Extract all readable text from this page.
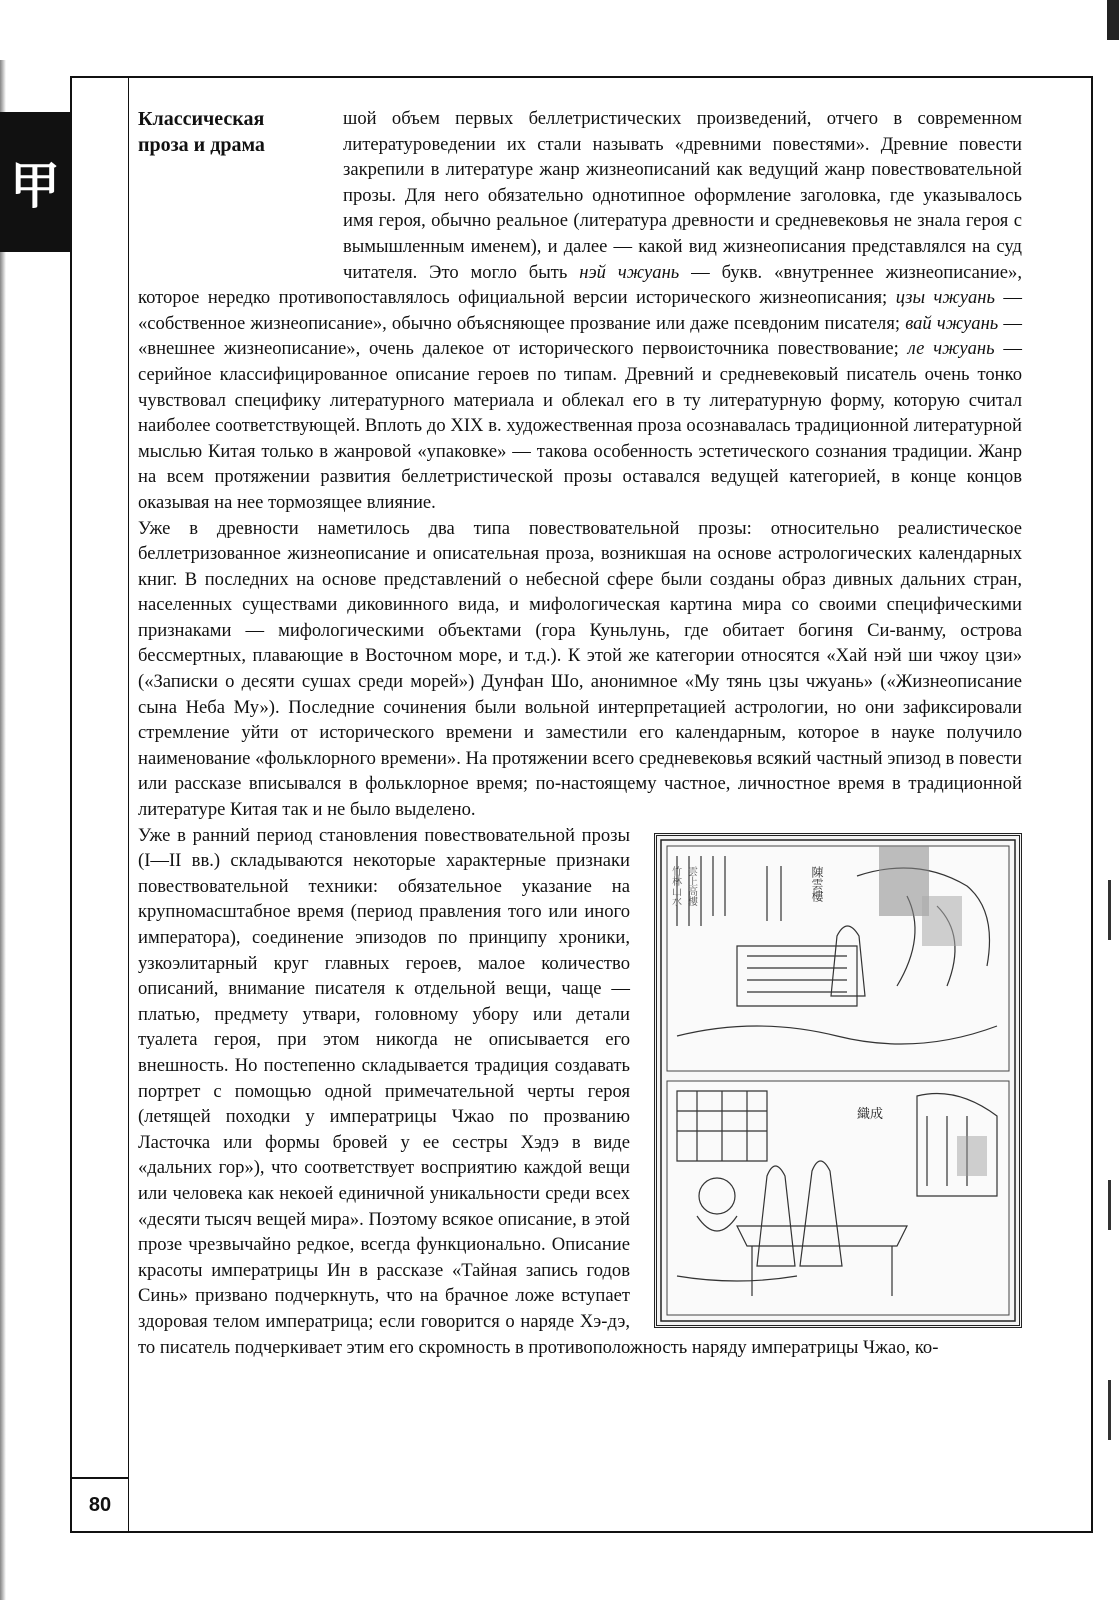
甲
80
Классическая
проза и драма

шой объем первых беллетристических произведений, отчего в современном литературоведении их стали называть «древними повестями». Древние повести закрепили в литературе жанр жизнеописаний как ведущий жанр повествовательной прозы. Для него обязательно однотипное оформление заголовка, где указывалось имя героя, обычно реальное (литература древности и средневековья не знала героя с вымышленным именем), и далее — какой вид жизнеописания представлялся на суд читателя. Это могло быть нэй чжуань — букв. «внутреннее жизнеописание», которое нередко противопоставлялось официальной версии исторического жизнеописания; цзы чжуань — «собственное жизнеописание», обычно объясняющее прозвание или даже псевдоним писателя; вай чжуань — «внешнее жизнеописание», очень далекое от исторического первоисточника повествование; ле чжуань — серийное классифицированное описание героев по типам. Древний и средневековый писатель очень тонко чувствовал специфику литературного материала и облекал его в ту литературную форму, которую считал наиболее соответствующей. Вплоть до XIX в. художественная проза осознавалась традиционной литературной мыслью Китая только в жанровой «упаковке» — такова особенность эстетического сознания традиции. Жанр на всем протяжении развития беллетристической прозы оставался ведущей категорией, в конце концов оказывая на нее тормозящее влияние.

Уже в древности наметилось два типа повествовательной прозы: относительно реалистическое беллетризованное жизнеописание и описательная проза, возникшая на основе астрологических календарных книг. В последних на основе представлений о небесной сфере были созданы образ дивных дальних стран, населенных существами диковинного вида, и мифологическая картина мира со своими специфическими признаками — мифологическими объектами (гора Куньлунь, где обитает богиня Си-ванму, острова бессмертных, плавающие в Восточном море, и т.д.). К этой же категории относятся «Хай нэй ши чжоу цзи» («Записки о десяти сушах среди морей») Дунфан Шо, анонимное «Му тянь цзы чжуань» («Жизнеописание сына Неба Му»). Последние сочинения были вольной интерпретацией астрологии, но они зафиксировали стремление уйти от исторического времени и заместили его календарным, которое в науке получило наименование «фольклорного времени». На протяжении всего средневековья всякий частный эпизод в повести или рассказе вписывался в фольклорное время; по-настоящему частное, личностное время в традиционной литературе Китая так и не было выделено.

竹林山水 雲上高樓	陳雲樓
織成

Уже в ранний период становления повествовательной прозы (I—II вв.) складываются некоторые характерные признаки повествовательной техники: обязательное указание на крупномасштабное время (период правления того или иного императора), соединение эпизодов по принципу хроники, узкоэлитарный круг главных героев, малое количество описаний, внимание писателя к отдельной вещи, чаще — платью, предмету утвари, головному убору или детали туалета героя, при этом никогда не описывается его внешность. Но постепенно складывается традиция создавать портрет с помощью одной примечательной черты героя (летящей походки у императрицы Чжао по прозванию Ласточка или формы бровей у ее сестры Хэдэ в виде «дальних гор»), что соответствует восприятию каждой вещи или человека как некоей единичной уникальности среди всех «десяти тысяч вещей мира». Поэтому всякое описание, в этой прозе чрезвычайно редкое, всегда функционально. Описание красоты императрицы Ин в рассказе «Тайная запись годов Синь» призвано подчеркнуть, что на брачное ложе вступает здоровая телом императрица; если говорится о наряде Хэ-дэ, то писатель подчеркивает этим его скромность в противоположность наряду императрицы Чжао, ко-
